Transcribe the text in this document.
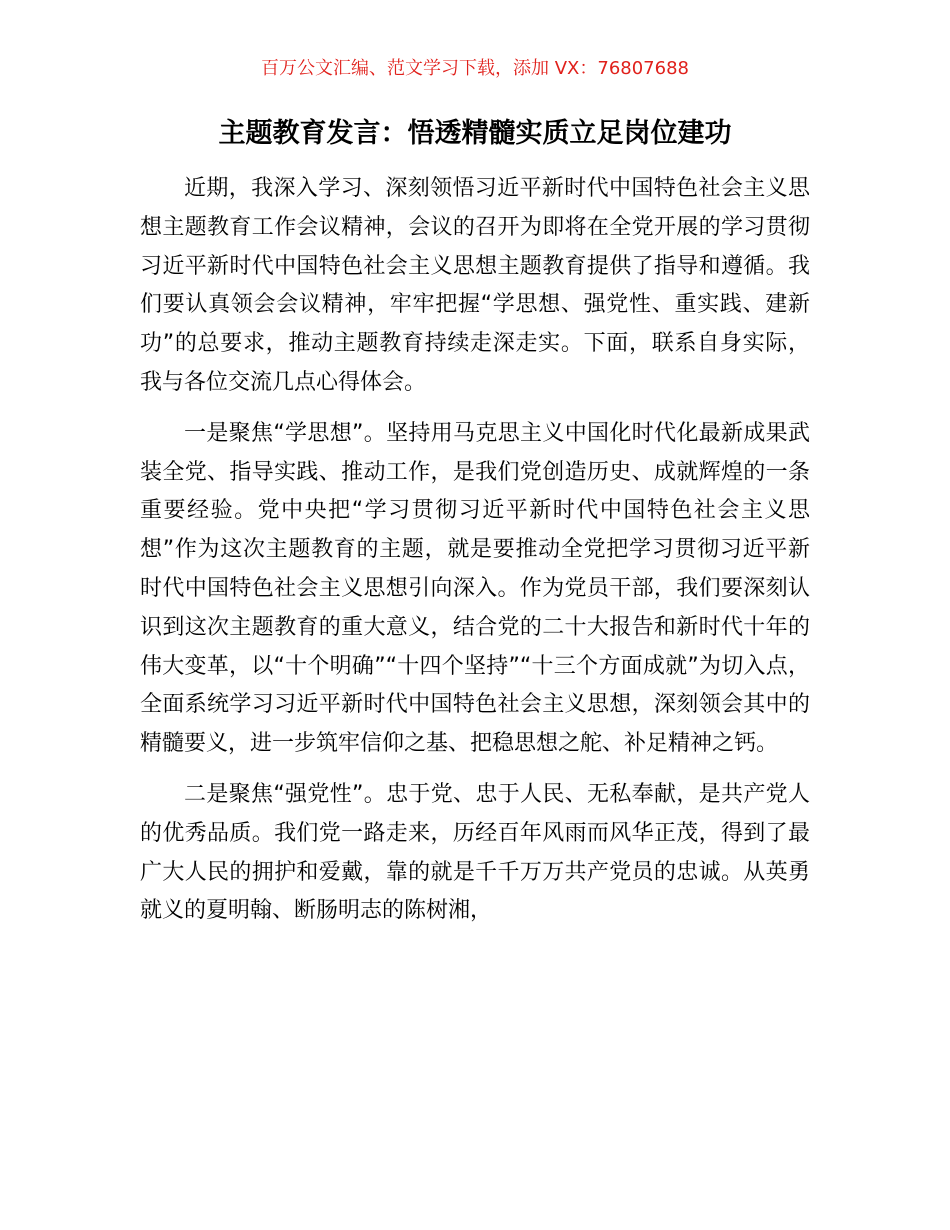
百万公文汇编、范文学习下载，添加 VX：76807688
主题教育发言：悟透精髓实质立足岗位建功

近期，我深入学习、深刻领悟习近平新时代中国特色社会主义思想主题教育工作会议精神，会议的召开为即将在全党开展的学习贯彻习近平新时代中国特色社会主义思想主题教育提供了指导和遵循。我们要认真领会会议精神，牢牢把握“学思想、强党性、重实践、建新功”的总要求，推动主题教育持续走深走实。下面，联系自身实际，我与各位交流几点心得体会。

一是聚焦“学思想”。坚持用马克思主义中国化时代化最新成果武装全党、指导实践、推动工作，是我们党创造历史、成就辉煌的一条重要经验。党中央把“学习贯彻习近平新时代中国特色社会主义思想”作为这次主题教育的主题，就是要推动全党把学习贯彻习近平新时代中国特色社会主义思想引向深入。作为党员干部，我们要深刻认识到这次主题教育的重大意义，结合党的二十大报告和新时代十年的伟大变革，以“十个明确”“十四个坚持”“十三个方面成就”为切入点，全面系统学习习近平新时代中国特色社会主义思想，深刻领会其中的精髓要义，进一步筑牢信仰之基、把稳思想之舵、补足精神之钙。

二是聚焦“强党性”。忠于党、忠于人民、无私奉献，是共产党人的优秀品质。我们党一路走来，历经百年风雨而风华正茂，得到了最广大人民的拥护和爱戴，靠的就是千千万万共产党员的忠诚。从英勇就义的夏明翰、断肠明志的陈树湘，
